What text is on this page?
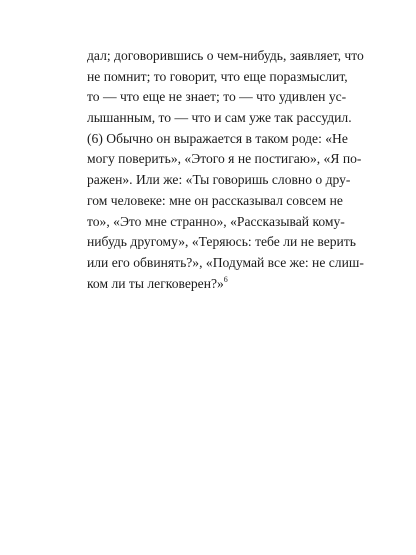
дал; договорившись о чем-нибудь, заявляет, что
не помнит; то говорит, что еще поразмыслит,
то — что еще не знает; то — что удивлен ус-
лышанным, то — что и сам уже так рассудил.
(6) Обычно он выражается в таком роде: «Не
могу поверить», «Этого я не постигаю», «Я по-
ражен». Или же: «Ты говоришь словно о дру-
гом человеке: мне он рассказывал совсем не
то», «Это мне странно», «Рассказывай кому-
нибудь другому», «Теряюсь: тебе ли не верить
или его обвинять?», «Подумай все же: не слиш-
ком ли ты легковерен?»$^6$
